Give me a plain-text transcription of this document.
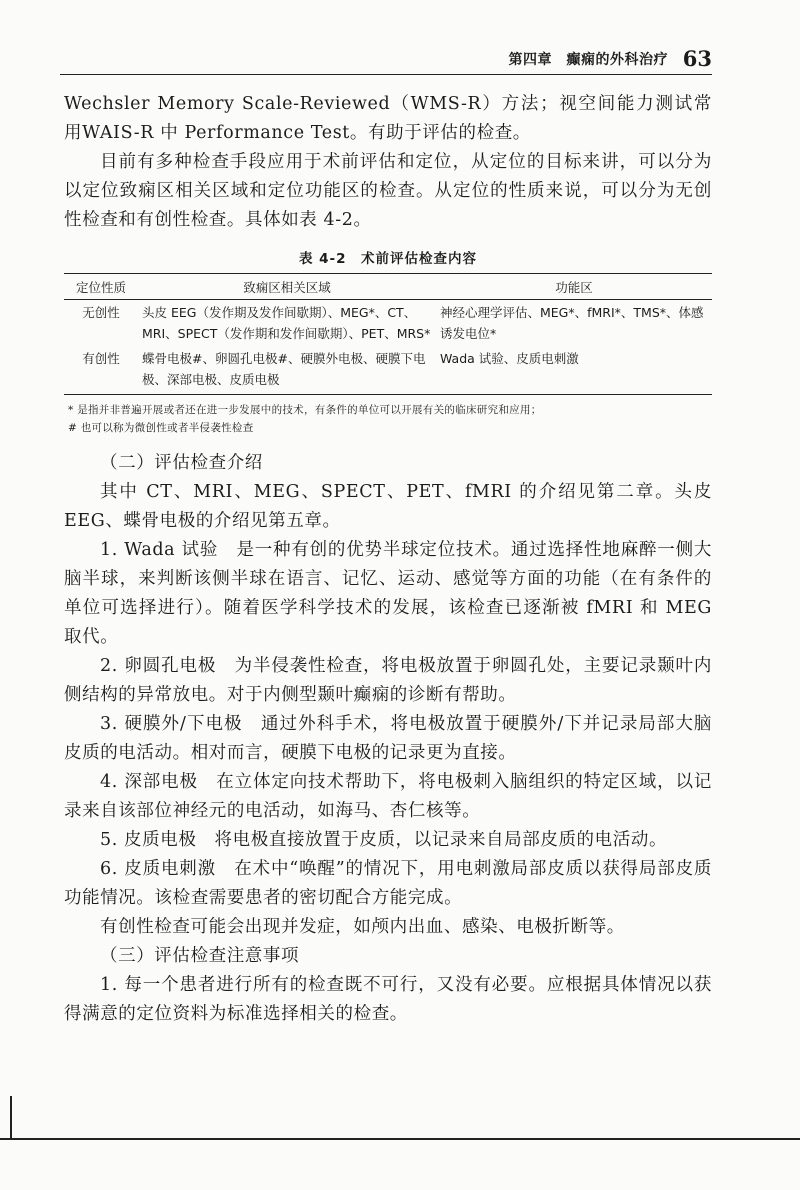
第四章　癫痫的外科治疗 63

Wechsler Memory Scale-Reviewed（WMS-R）方法；视空间能力测试常用WAIS-R 中 Performance Test。有助于评估的检查。

目前有多种检查手段应用于术前评估和定位，从定位的目标来讲，可以分为以定位致痫区相关区域和定位功能区的检查。从定位的性质来说，可以分为无创性检查和有创性检查。具体如表 4-2。

表 4-2　术前评估检查内容
定位性质	致痫区相关区域	功能区
无创性	头皮 EEG（发作期及发作间歇期）、MEG*、CT、MRI、SPECT（发作期和发作间歇期）、PET、MRS*	神经心理学评估、MEG*、fMRI*、TMS*、体感诱发电位*
有创性	蝶骨电极#、卵圆孔电极#、硬膜外电极、硬膜下电极、深部电极、皮质电极	Wada 试验、皮质电刺激
* 是指并非普遍开展或者还在进一步发展中的技术，有条件的单位可以开展有关的临床研究和应用；
# 也可以称为微创性或者半侵袭性检查

（二）评估检查介绍

其中 CT、MRI、MEG、SPECT、PET、fMRI 的介绍见第二章。头皮 EEG、蝶骨电极的介绍见第五章。

1. Wada 试验　是一种有创的优势半球定位技术。通过选择性地麻醉一侧大脑半球，来判断该侧半球在语言、记忆、运动、感觉等方面的功能（在有条件的单位可选择进行）。随着医学科学技术的发展，该检查已逐渐被 fMRI 和 MEG 取代。

2. 卵圆孔电极　为半侵袭性检查，将电极放置于卵圆孔处，主要记录颞叶内侧结构的异常放电。对于内侧型颞叶癫痫的诊断有帮助。

3. 硬膜外/下电极　通过外科手术，将电极放置于硬膜外/下并记录局部大脑皮质的电活动。相对而言，硬膜下电极的记录更为直接。

4. 深部电极　在立体定向技术帮助下，将电极刺入脑组织的特定区域，以记录来自该部位神经元的电活动，如海马、杏仁核等。

5. 皮质电极　将电极直接放置于皮质，以记录来自局部皮质的电活动。

6. 皮质电刺激　在术中“唤醒”的情况下，用电刺激局部皮质以获得局部皮质功能情况。该检查需要患者的密切配合方能完成。

有创性检查可能会出现并发症，如颅内出血、感染、电极折断等。

（三）评估检查注意事项

1. 每一个患者进行所有的检查既不可行，又没有必要。应根据具体情况以获得满意的定位资料为标准选择相关的检查。
